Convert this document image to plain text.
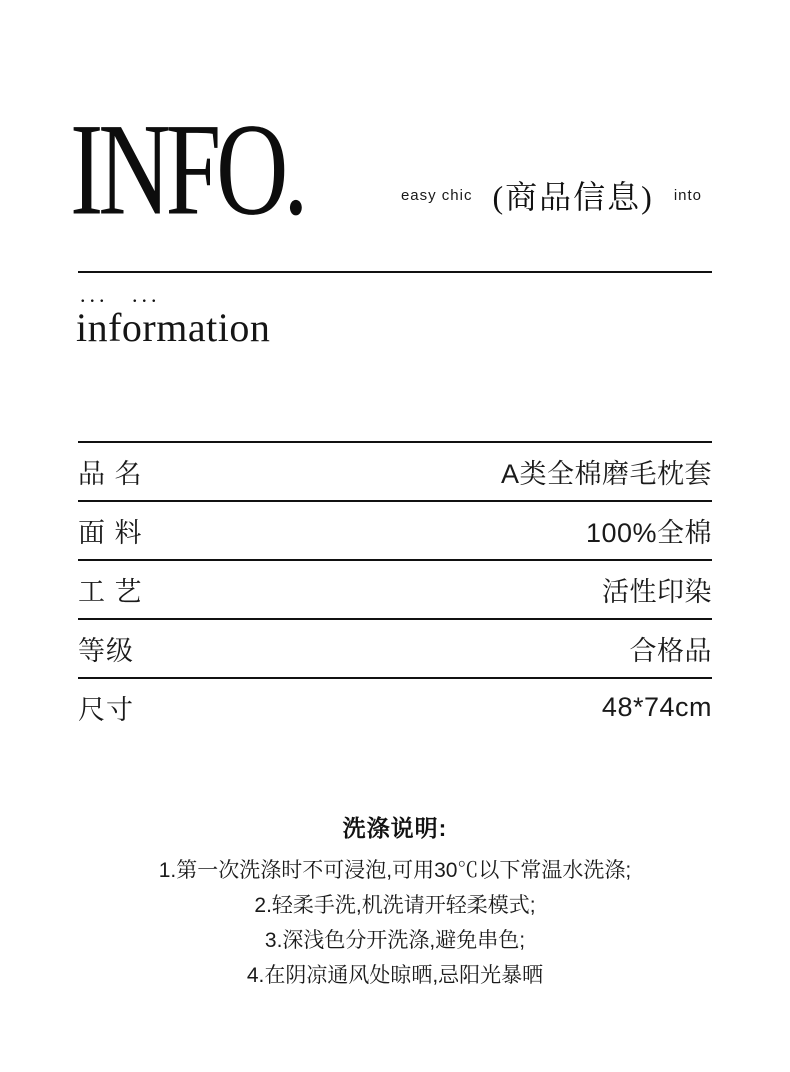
INFO.	easy chic (商品信息) into
... ...
information
品 名	A类全棉磨毛枕套
面 料	100%全棉
工 艺	活性印染
等级	合格品
尺寸	48*74cm
洗涤说明:
1.第一次洗涤时不可浸泡,可用30℃以下常温水洗涤;
2.轻柔手洗,机洗请开轻柔模式;
3.深浅色分开洗涤,避免串色;
4.在阴凉通风处晾晒,忌阳光暴晒
